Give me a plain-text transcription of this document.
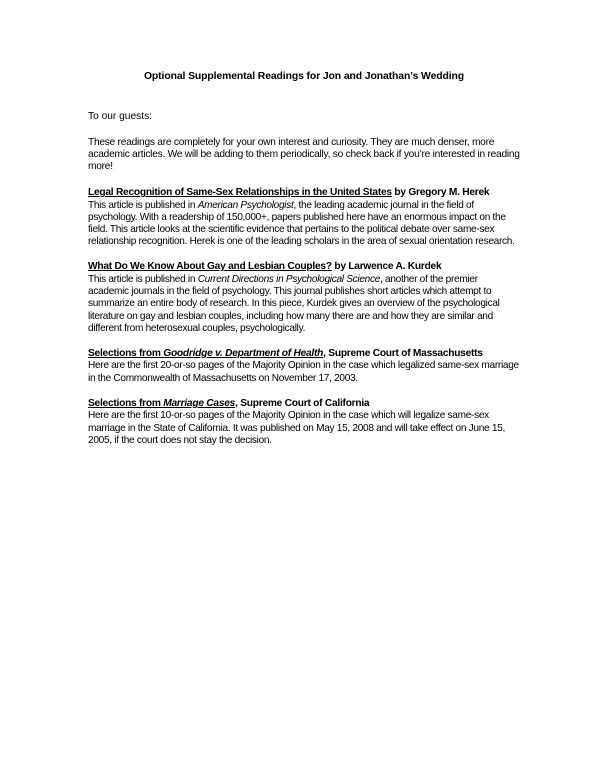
Optional Supplemental Readings for Jon and Jonathan’s Wedding
To our guests:
These readings are completely for your own interest and curiosity. They are much denser, more academic articles. We will be adding to them periodically, so check back if you’re interested in reading more!
Legal Recognition of Same-Sex Relationships in the United States by Gregory M. Herek
This article is published in American Psychologist, the leading academic journal in the field of psychology. With a readership of 150,000+, papers published here have an enormous impact on the field. This article looks at the scientific evidence that pertains to the political debate over same-sex relationship recognition. Herek is one of the leading scholars in the area of sexual orientation research.
What Do We Know About Gay and Lesbian Couples? by Larwence A. Kurdek
This article is published in Current Directions in Psychological Science, another of the premier academic journals in the field of psychology. This journal publishes short articles which attempt to summarize an entire body of research. In this piece, Kurdek gives an overview of the psychological literature on gay and lesbian couples, including how many there are and how they are similar and different from heterosexual couples, psychologically.
Selections from Goodridge v. Department of Health, Supreme Court of Massachusetts
Here are the first 20-or-so pages of the Majority Opinion in the case which legalized same-sex marriage in the Commonwealth of Massachusetts on November 17, 2003.
Selections from Marriage Cases, Supreme Court of California
Here are the first 10-or-so pages of the Majority Opinion in the case which will legalize same-sex marriage in the State of California. It was published on May 15, 2008 and will take effect on June 15, 2005, if the court does not stay the decision.
